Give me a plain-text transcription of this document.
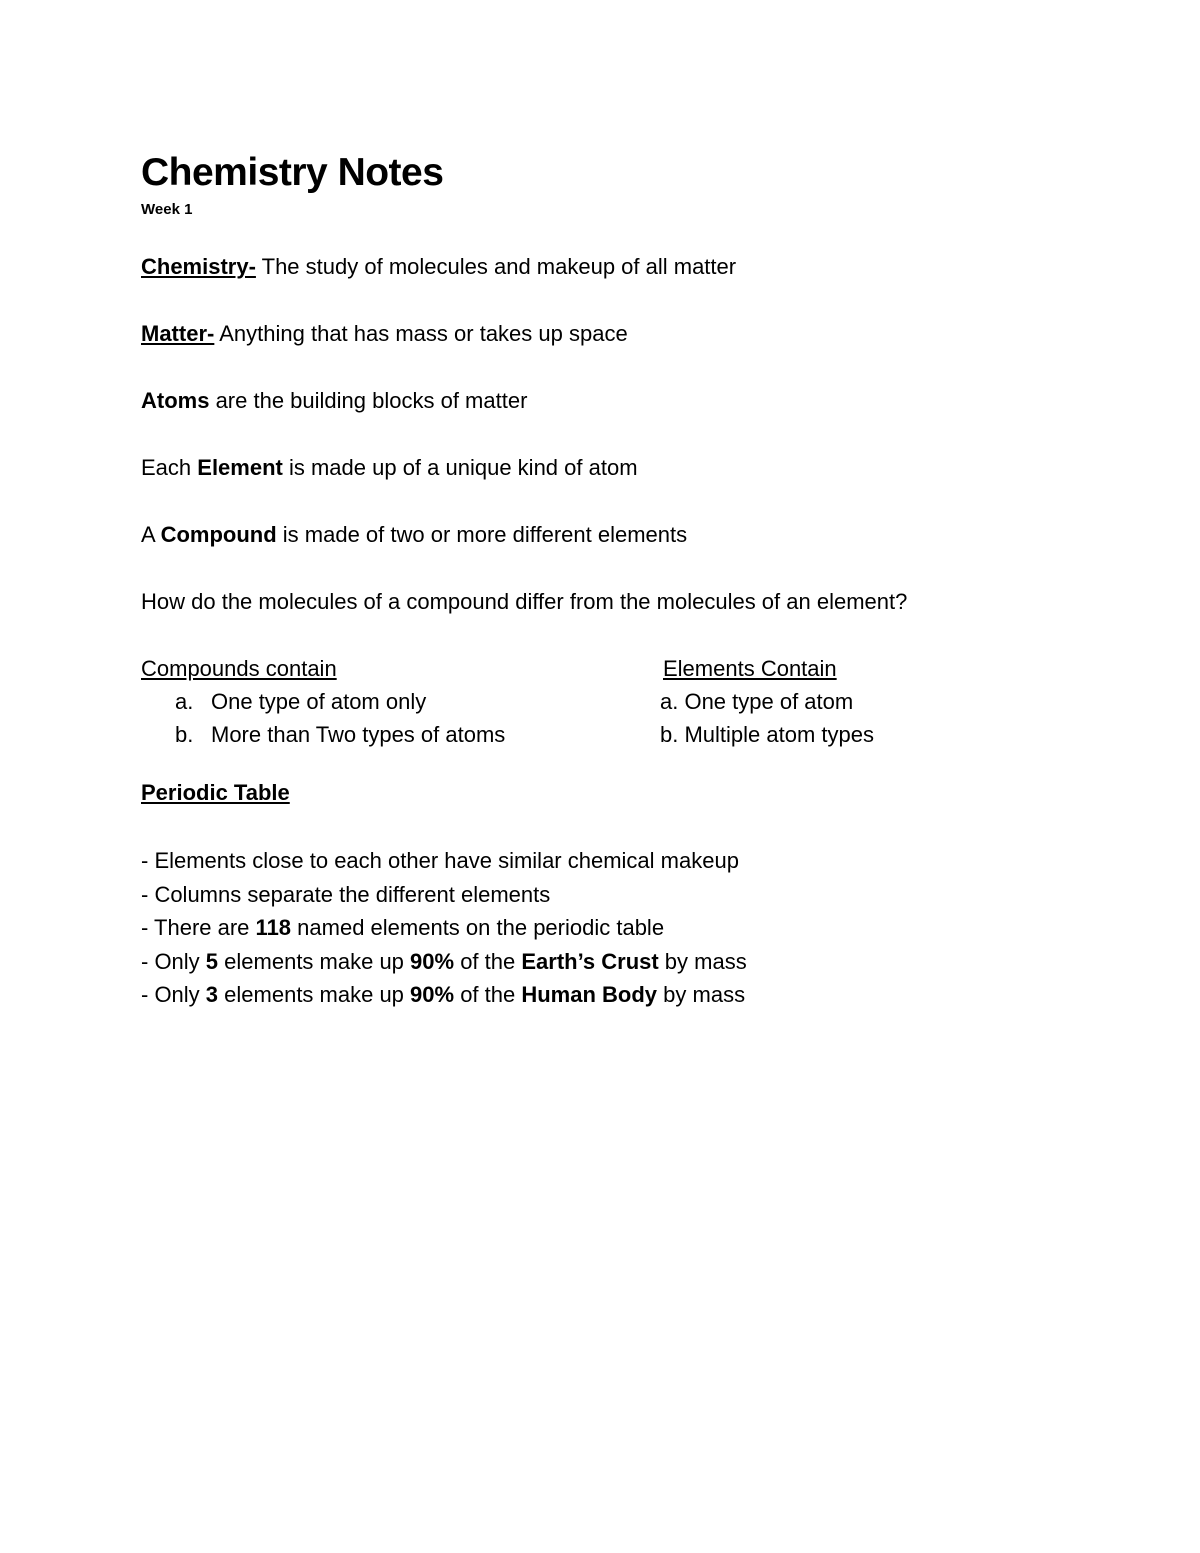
Chemistry Notes

Week 1

Chemistry- The study of molecules and makeup of all matter

Matter- Anything that has mass or takes up space

Atoms are the building blocks of matter

Each Element is made up of a unique kind of atom

A Compound is made of two or more different elements

How do the molecules of a compound differ from the molecules of an element?

Compounds contain
a. One type of atom only
b. More than Two types of atoms
Elements Contain
a. One type of atom
b. Multiple atom types

Periodic Table

- Elements close to each other have similar chemical makeup

- Columns separate the different elements

- There are 118 named elements on the periodic table

- Only 5 elements make up 90% of the Earth’s Crust by mass

- Only 3 elements make up 90% of the Human Body by mass
